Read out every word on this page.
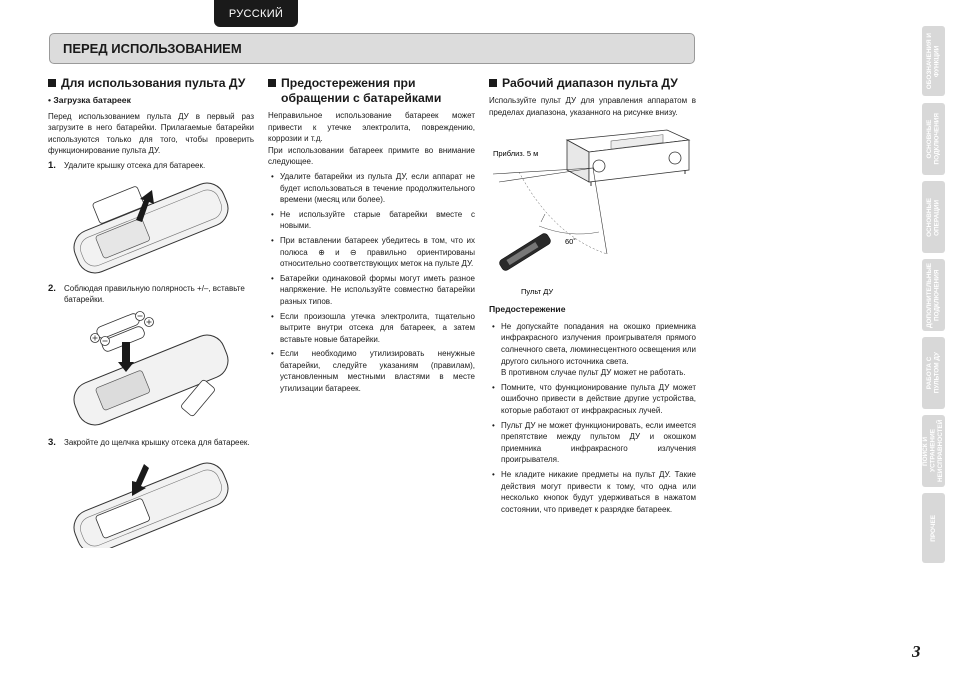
РУССКИЙ
ПЕРЕД ИСПОЛЬЗОВАНИЕМ
Для использования пульта ДУ
• Загрузка батареек

Перед использованием пульта ДУ в первый раз загрузите в него батарейки. Прилагаемые батарейки используются только для того, чтобы проверить функционирование пульта ДУ.

1.	Удалите крышку отсека для батареек.
2.	Соблюдая правильную полярность +/–, вставьте батарейки.
3.	Закройте до щелчка крышку отсека для батареек.
Предостережения при обращении с батарейками

Неправильное использование батареек может привести к утечке электролита, повреждению, коррозии и т.д.

При использовании батареек примите во внимание следующее.

• Удалите батарейки из пульта ДУ, если аппарат не будет использоваться в течение продолжительного времени (месяц или более).
• Не используйте старые батарейки вместе с новыми.
• При вставлении батареек убедитесь в том, что их полюса ⊕ и ⊖ правильно ориентированы относительно соответствующих меток на пульте ДУ.
• Батарейки одинаковой формы могут иметь разное напряжение. Не используйте совместно батарейки разных типов.
• Если произошла утечка электролита, тщательно вытрите внутри отсека для батареек, а затем вставьте новые батарейки.
• Если необходимо утилизировать ненужные батарейки, следуйте указаниям (правилам), установленным местными властями в месте утилизации батареек.
Рабочий диапазон пульта ДУ

Используйте пульт ДУ для управления аппаратом в пределах диапазона, указанного на рисунке внизу.

Приблиз. 5 м
60˚
Пульт ДУ
Предостережение
• Не допускайте попадания на окошко приемника инфракрасного излучения проигрывателя прямого солнечного света, люминесцентного освещения или другого сильного источника света.
В противном случае пульт ДУ может не работать.
• Помните, что функционирование пульта ДУ может ошибочно привести в действие другие устройства, которые работают от инфракрасных лучей.
• Пульт ДУ не может функционировать, если имеется препятствие между пультом ДУ и окошком приемника инфракрасного излучения проигрывателя.
• Не кладите никакие предметы на пульт ДУ. Такие действия могут привести к тому, что одна или несколько кнопок будут удерживаться в нажатом состоянии, что приведет к разрядке батареек.
ОБОЗНАЧЕНИЯ И
ФУНКЦИИ
ОСНОВНЫЕ
ПОДКЛЮЧЕНИЯ
ОСНОВНЫЕ
ОПЕРАЦИИ
ДОПОЛНИТЕЛЬНЫЕ
ПОДКЛЮЧЕНИЯ
РАБОТА С
ПУЛЬТОМ ДУ
ПОИСК И УСТРАНЕНИЕ
НЕИСПРАВНОСТЕЙ
ПРОЧЕЕ
3
